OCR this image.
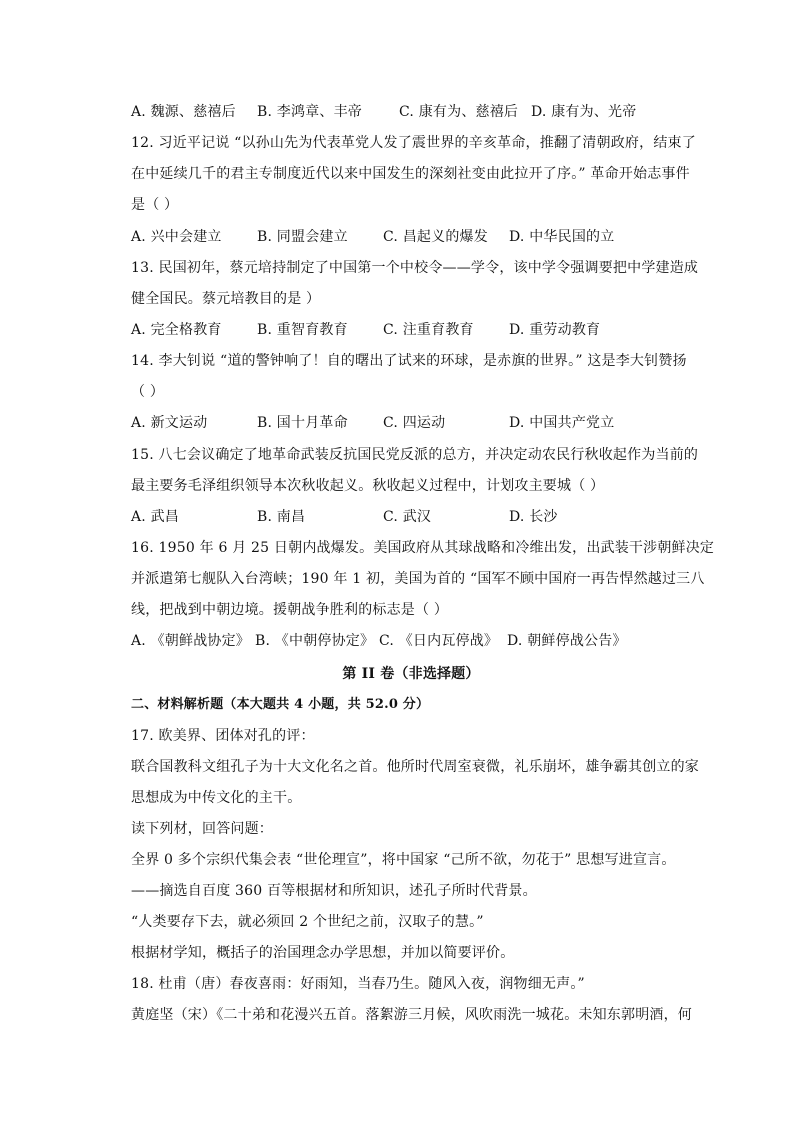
A. 魏源、慈禧后	B. 李鸿章、丰帝	C. 康有为、慈禧后 D. 康有为、光帝
12. 习近平记说 “以孙山先为代表革党人发了震世界的辛亥革命，推翻了清朝政府，结束了
在中延续几千的君主专制度近代以来中国发生的深刻社变由此拉开了序。” 革命开始志事件
是（ ）
A. 兴中会建立	B. 同盟会建立	C. 昌起义的爆发	D. 中华民国的立
13. 民国初年，蔡元培持制定了中国第一个中校令——学令，该中学令强调要把中学建造成
健全国民。蔡元培教目的是 ）
A. 完全格教育	B. 重智育教育	C. 注重育教育	D. 重劳动教育
14. 李大钊说 “道的警钟响了！自的曙出了试来的环球，是赤旗的世界。” 这是李大钊赞扬
（ ）
A. 新文运动	B. 国十月革命	C. 四运动	D. 中国共产党立
15. 八七会议确定了地革命武装反抗国民党反派的总方，并决定动农民行秋收起作为当前的
最主要务毛泽组织领导本次秋收起义。秋收起义过程中，计划攻主要城（ ）
A. 武昌	B. 南昌	C. 武汉	D. 长沙
16. 1950 年 6 月 25 日朝内战爆发。美国政府从其球战略和冷维出发，出武装干涉朝鲜决定
并派遣第七舰队入台湾峡；190 年 1 初，美国为首的 “国军不顾中国府一再告悍然越过三八
线，把战到中朝边境。援朝战争胜利的标志是（ ）
A. 《朝鲜战协定》 B. 《中朝停协定》 C. 《日内瓦停战》 D. 朝鲜停战公告》
第 II 卷（非选择题）
二、材料解析题（本大题共 4 小题，共 52.0 分）
17. 欧美界、团体对孔的评：
联合国教科文组孔子为十大文化名之首。他所时代周室衰微，礼乐崩坏，雄争霸其创立的家
思想成为中传文化的主干。
读下列材，回答问题：
全界 0 多个宗织代集会表 “世伦理宣”，将中国家 “己所不欲，勿花于” 思想写进宣言。
——摘选自百度 360 百等根据材和所知识，述孔子所时代背景。
“人类要存下去，就必须回 2 个世纪之前，汉取子的慧。”
根据材学知，概括子的治国理念办学思想，并加以简要评价。
18. 杜甫（唐）春夜喜雨：好雨知，当春乃生。随风入夜，润物细无声。”
黄庭坚（宋）《二十弟和花漫兴五首。落絮游三月候，风吹雨洗一城花。未知东郭明酒，何
